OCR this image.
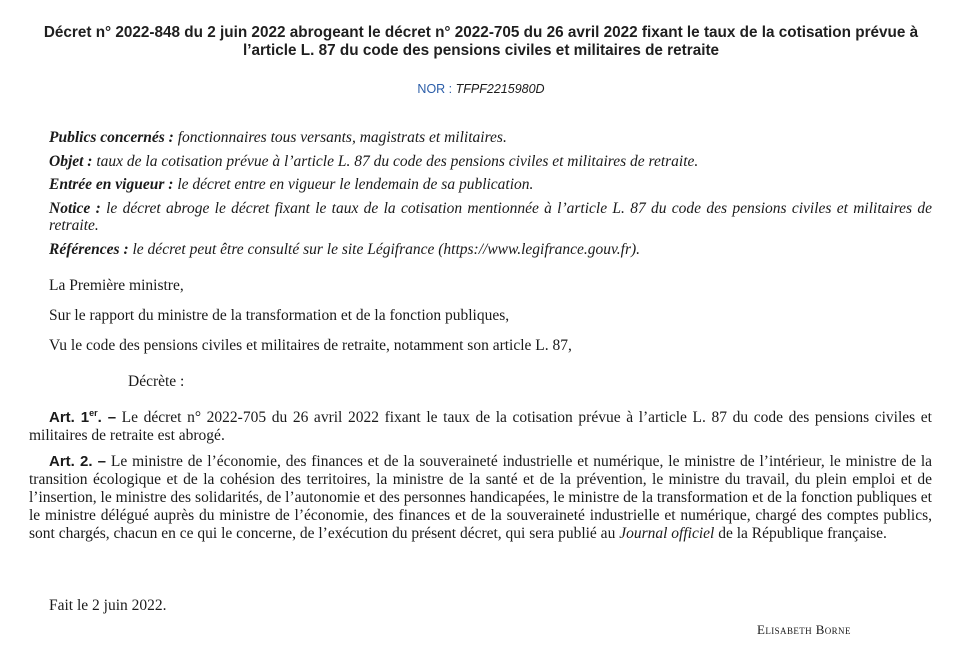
Décret n° 2022-848 du 2 juin 2022 abrogeant le décret n° 2022-705 du 26 avril 2022 fixant le taux de la cotisation prévue à l’article L. 87 du code des pensions civiles et militaires de retraite
NOR : TFPF2215980D

Publics concernés : fonctionnaires tous versants, magistrats et militaires.

Objet : taux de la cotisation prévue à l’article L. 87 du code des pensions civiles et militaires de retraite.

Entrée en vigueur : le décret entre en vigueur le lendemain de sa publication.

Notice : le décret abroge le décret fixant le taux de la cotisation mentionnée à l’article L. 87 du code des pensions civiles et militaires de retraite.

Références : le décret peut être consulté sur le site Légifrance (https://www.legifrance.gouv.fr).

La Première ministre,
Sur le rapport du ministre de la transformation et de la fonction publiques,
Vu le code des pensions civiles et militaires de retraite, notamment son article L. 87,
Décrète :
Art. 1er. – Le décret n° 2022-705 du 26 avril 2022 fixant le taux de la cotisation prévue à l’article L. 87 du code des pensions civiles et militaires de retraite est abrogé.
Art. 2. – Le ministre de l’économie, des finances et de la souveraineté industrielle et numérique, le ministre de l’intérieur, le ministre de la transition écologique et de la cohésion des territoires, la ministre de la santé et de la prévention, le ministre du travail, du plein emploi et de l’insertion, le ministre des solidarités, de l’autonomie et des personnes handicapées, le ministre de la transformation et de la fonction publiques et le ministre délégué auprès du ministre de l’économie, des finances et de la souveraineté industrielle et numérique, chargé des comptes publics, sont chargés, chacun en ce qui le concerne, de l’exécution du présent décret, qui sera publié au Journal officiel de la République française.
Fait le 2 juin 2022.
Elisabeth Borne
